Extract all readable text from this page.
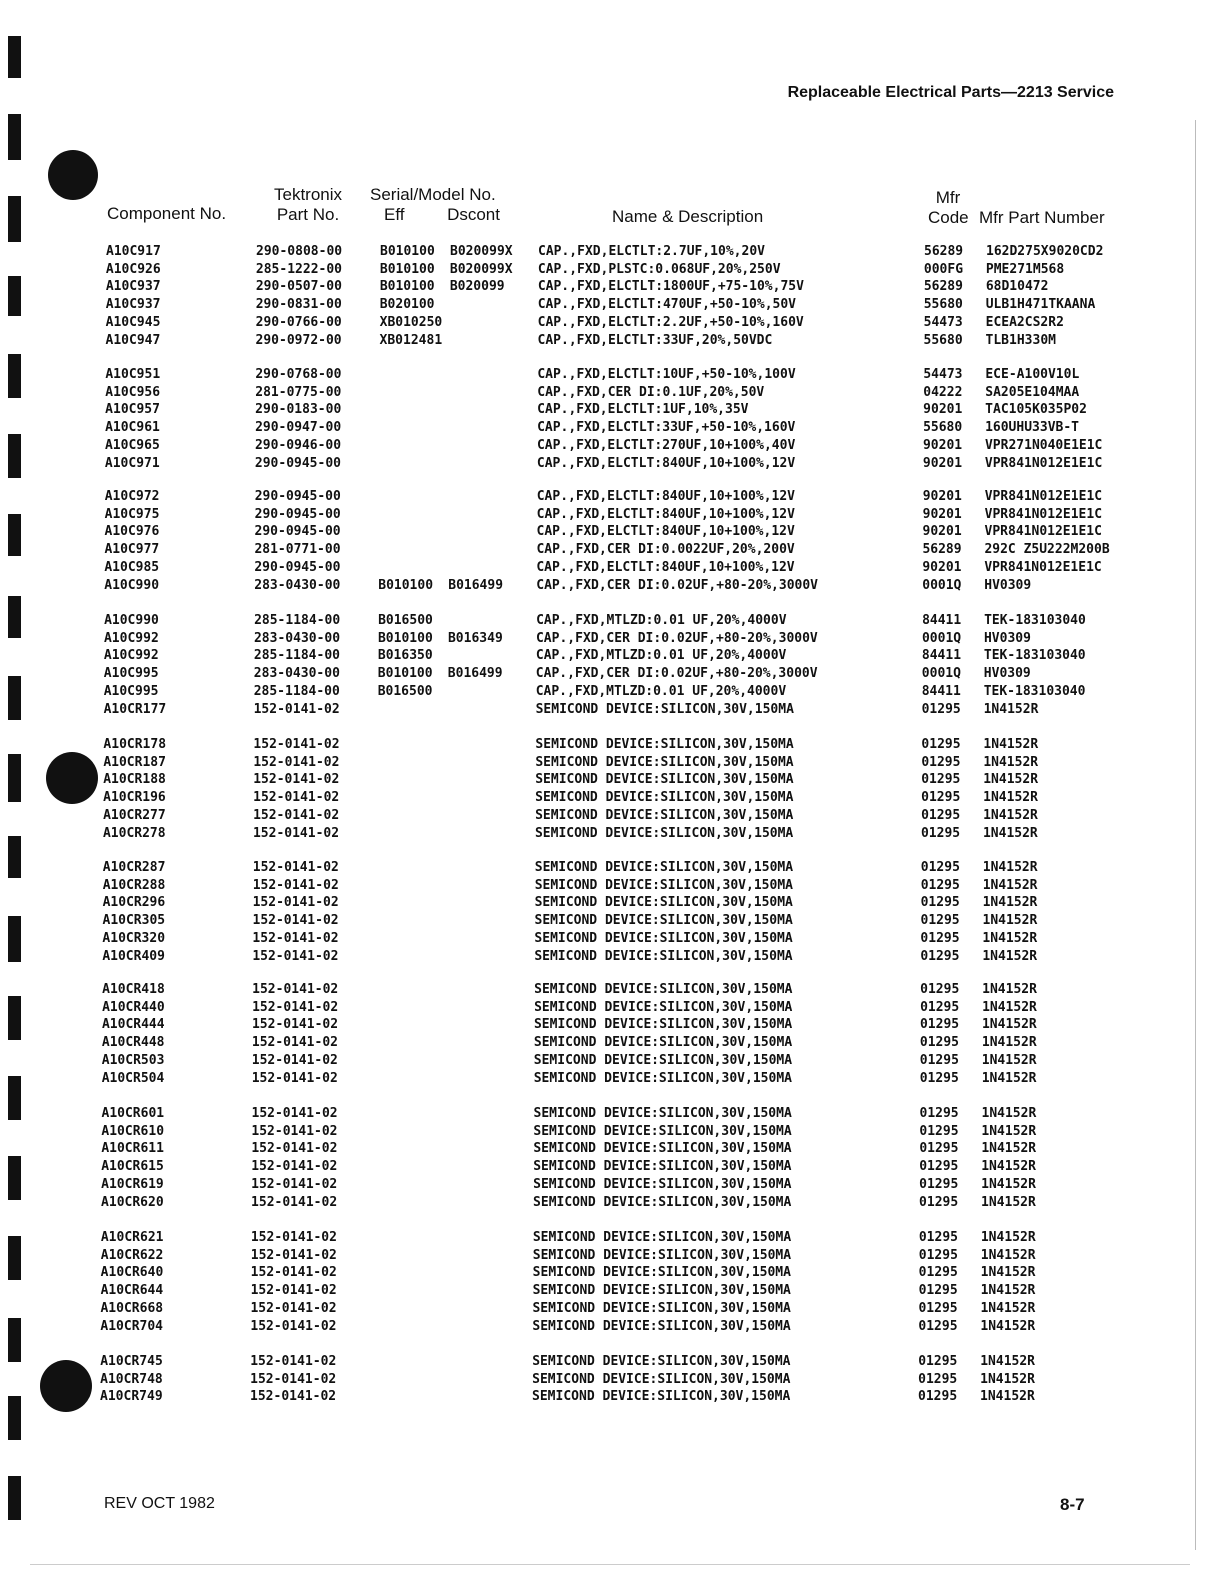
Replaceable Electrical Parts—2213 Service
Component No.
Tektronix
Part No.
Serial/Model No.
Eff	Dscont	Name & Description
Mfr
Code Mfr Part Number
A10C917	290-0808-00	B010100 B020099X CAP.,FXD,ELCTLT:2.7UF,10%,20V	56289 162D275X9020CD2
A10C926	285-1222-00	B010100 B020099X CAP.,FXD,PLSTC:0.068UF,20%,250V	000FG PME271M568
A10C937	290-0507-00	B010100 B020099	CAP.,FXD,ELCTLT:1800UF,+75-10%,75V	56289 68D10472
A10C937	290-0831-00	B020100	CAP.,FXD,ELCTLT:470UF,+50-10%,50V	55680 ULB1H471TKAANA
A10C945	290-0766-00	XB010250	CAP.,FXD,ELCTLT:2.2UF,+50-10%,160V	54473 ECEA2CS2R2
A10C947	290-0972-00	XB012481	CAP.,FXD,ELCTLT:33UF,20%,50VDC	55680 TLB1H330M
A10C951	290-0768-00	CAP.,FXD,ELCTLT:10UF,+50-10%,100V	54473 ECE-A100V10L
A10C956	281-0775-00	CAP.,FXD,CER DI:0.1UF,20%,50V	04222 SA205E104MAA
A10C957	290-0183-00	CAP.,FXD,ELCTLT:1UF,10%,35V	90201 TAC105K035P02
A10C961	290-0947-00	CAP.,FXD,ELCTLT:33UF,+50-10%,160V	55680 160UHU33VB-T
A10C965	290-0946-00	CAP.,FXD,ELCTLT:270UF,10+100%,40V	90201 VPR271N040E1E1C
A10C971	290-0945-00	CAP.,FXD,ELCTLT:840UF,10+100%,12V	90201 VPR841N012E1E1C
A10C972	290-0945-00	CAP.,FXD,ELCTLT:840UF,10+100%,12V	90201 VPR841N012E1E1C
A10C975	290-0945-00	CAP.,FXD,ELCTLT:840UF,10+100%,12V	90201 VPR841N012E1E1C
A10C976	290-0945-00	CAP.,FXD,ELCTLT:840UF,10+100%,12V	90201 VPR841N012E1E1C
A10C977	281-0771-00	CAP.,FXD,CER DI:0.0022UF,20%,200V	56289 292C Z5U222M200B
A10C985	290-0945-00	CAP.,FXD,ELCTLT:840UF,10+100%,12V	90201 VPR841N012E1E1C
A10C990	283-0430-00	B010100 B016499	CAP.,FXD,CER DI:0.02UF,+80-20%,3000V	0001Q HV0309
A10C990	285-1184-00	B016500	CAP.,FXD,MTLZD:0.01 UF,20%,4000V	84411 TEK-183103040
A10C992	283-0430-00	B010100 B016349	CAP.,FXD,CER DI:0.02UF,+80-20%,3000V	0001Q HV0309
A10C992	285-1184-00	B016350	CAP.,FXD,MTLZD:0.01 UF,20%,4000V	84411 TEK-183103040
A10C995	283-0430-00	B010100 B016499	CAP.,FXD,CER DI:0.02UF,+80-20%,3000V	0001Q HV0309
A10C995	285-1184-00	B016500	CAP.,FXD,MTLZD:0.01 UF,20%,4000V	84411 TEK-183103040
A10CR177	152-0141-02	SEMICOND DEVICE:SILICON,30V,150MA	01295 1N4152R
A10CR178	152-0141-02	SEMICOND DEVICE:SILICON,30V,150MA	01295 1N4152R
A10CR187	152-0141-02	SEMICOND DEVICE:SILICON,30V,150MA	01295 1N4152R
A10CR188	152-0141-02	SEMICOND DEVICE:SILICON,30V,150MA	01295 1N4152R
A10CR196	152-0141-02	SEMICOND DEVICE:SILICON,30V,150MA	01295 1N4152R
A10CR277	152-0141-02	SEMICOND DEVICE:SILICON,30V,150MA	01295 1N4152R
A10CR278	152-0141-02	SEMICOND DEVICE:SILICON,30V,150MA	01295 1N4152R
A10CR287	152-0141-02	SEMICOND DEVICE:SILICON,30V,150MA	01295 1N4152R
A10CR288	152-0141-02	SEMICOND DEVICE:SILICON,30V,150MA	01295 1N4152R
A10CR296	152-0141-02	SEMICOND DEVICE:SILICON,30V,150MA	01295 1N4152R
A10CR305	152-0141-02	SEMICOND DEVICE:SILICON,30V,150MA	01295 1N4152R
A10CR320	152-0141-02	SEMICOND DEVICE:SILICON,30V,150MA	01295 1N4152R
A10CR409	152-0141-02	SEMICOND DEVICE:SILICON,30V,150MA	01295 1N4152R
A10CR418	152-0141-02	SEMICOND DEVICE:SILICON,30V,150MA	01295 1N4152R
A10CR440	152-0141-02	SEMICOND DEVICE:SILICON,30V,150MA	01295 1N4152R
A10CR444	152-0141-02	SEMICOND DEVICE:SILICON,30V,150MA	01295 1N4152R
A10CR448	152-0141-02	SEMICOND DEVICE:SILICON,30V,150MA	01295 1N4152R
A10CR503	152-0141-02	SEMICOND DEVICE:SILICON,30V,150MA	01295 1N4152R
A10CR504	152-0141-02	SEMICOND DEVICE:SILICON,30V,150MA	01295 1N4152R
A10CR601	152-0141-02	SEMICOND DEVICE:SILICON,30V,150MA	01295 1N4152R
A10CR610	152-0141-02	SEMICOND DEVICE:SILICON,30V,150MA	01295 1N4152R
A10CR611	152-0141-02	SEMICOND DEVICE:SILICON,30V,150MA	01295 1N4152R
A10CR615	152-0141-02	SEMICOND DEVICE:SILICON,30V,150MA	01295 1N4152R
A10CR619	152-0141-02	SEMICOND DEVICE:SILICON,30V,150MA	01295 1N4152R
A10CR620	152-0141-02	SEMICOND DEVICE:SILICON,30V,150MA	01295 1N4152R
A10CR621	152-0141-02	SEMICOND DEVICE:SILICON,30V,150MA	01295 1N4152R
A10CR622	152-0141-02	SEMICOND DEVICE:SILICON,30V,150MA	01295 1N4152R
A10CR640	152-0141-02	SEMICOND DEVICE:SILICON,30V,150MA	01295 1N4152R
A10CR644	152-0141-02	SEMICOND DEVICE:SILICON,30V,150MA	01295 1N4152R
A10CR668	152-0141-02	SEMICOND DEVICE:SILICON,30V,150MA	01295 1N4152R
A10CR704	152-0141-02	SEMICOND DEVICE:SILICON,30V,150MA	01295 1N4152R
A10CR745	152-0141-02	SEMICOND DEVICE:SILICON,30V,150MA	01295 1N4152R
A10CR748	152-0141-02	SEMICOND DEVICE:SILICON,30V,150MA	01295 1N4152R
A10CR749	152-0141-02	SEMICOND DEVICE:SILICON,30V,150MA	01295 1N4152R
REV OCT 1982	8-7
